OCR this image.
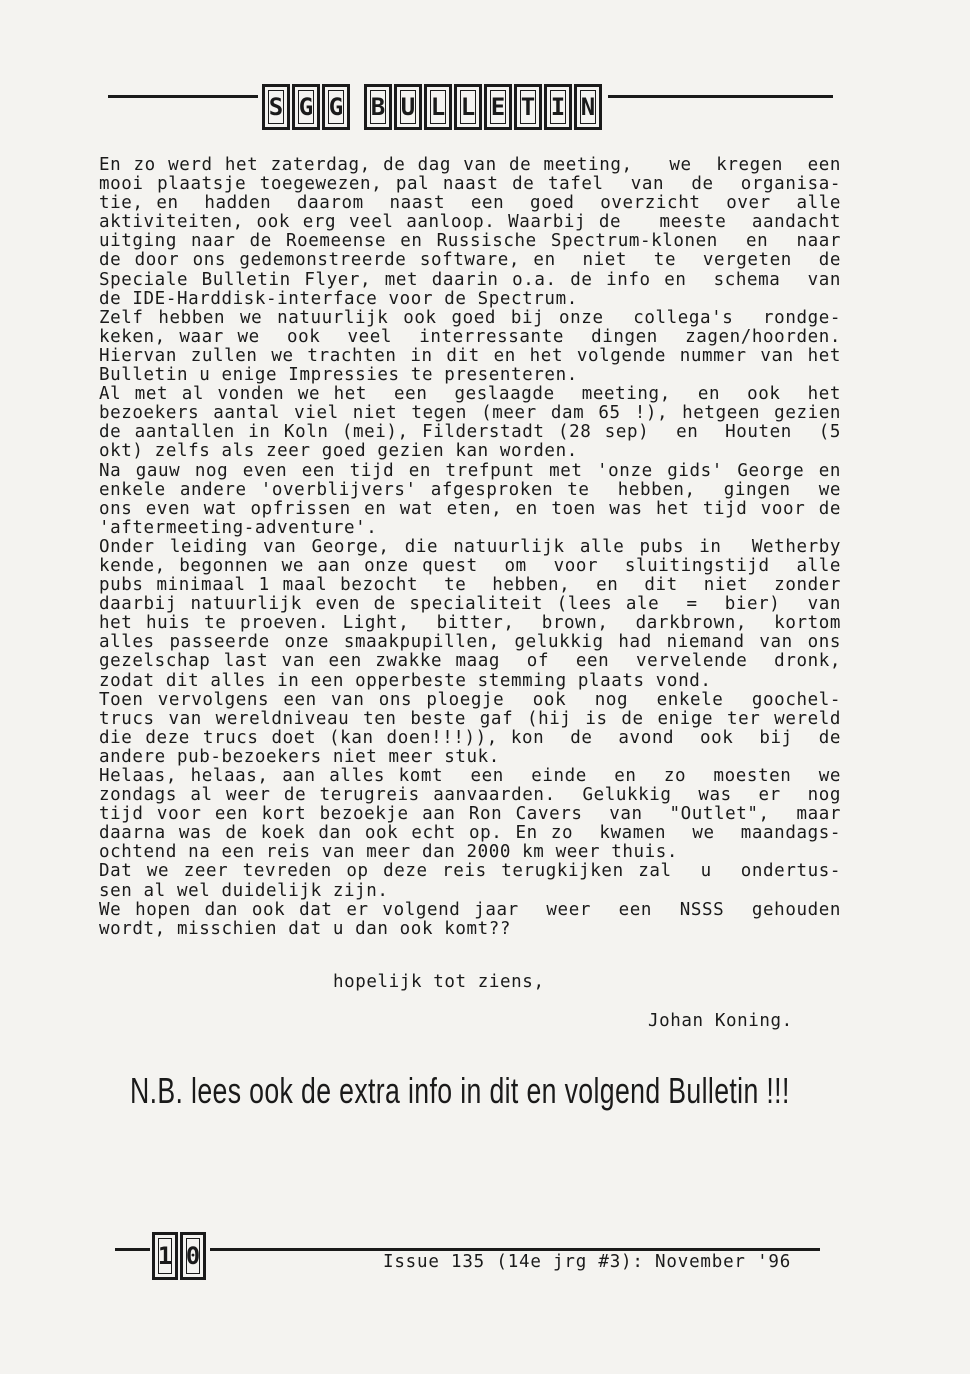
S G G B U L L E T I N
En zo werd het zaterdag, de dag van de meeting,   we  kregen  een
mooi plaatsje toegewezen, pal naast de tafel  van  de  organisa-
tie, en  hadden  daarom  naast  een  goed  overzicht  over  alle
aktiviteiten, ook erg veel aanloop. Waarbij de   meeste  aandacht
uitging naar de Roemeense en Russische Spectrum-klonen  en  naar
de door ons gedemonstreerde software, en  niet  te  vergeten  de
Speciale Bulletin Flyer, met daarin o.a. de info en  schema  van
de IDE-Harddisk-interface voor de Spectrum.
Zelf hebben we natuurlijk ook goed bij onze  collega's  rondge-
keken, waar we  ook  veel  interressante  dingen  zagen/hoorden.
Hiervan zullen we trachten in dit en het volgende nummer van het
Bulletin u enige Impressies te presenteren.
Al met al vonden we het  een  geslaagde  meeting,  en  ook  het
bezoekers aantal viel niet tegen (meer dam 65 !), hetgeen gezien
de aantallen in Koln (mei), Filderstadt (28 sep)  en  Houten  (5
okt) zelfs als zeer goed gezien kan worden.
Na gauw nog even een tijd en trefpunt met 'onze gids' George en
enkele andere 'overblijvers' afgesproken te  hebben,  gingen  we
ons even wat opfrissen en wat eten, en toen was het tijd voor de
'aftermeeting-adventure'.
Onder leiding van George, die natuurlijk alle pubs in  Wetherby
kende, begonnen we aan onze quest  om  voor  sluitingstijd  alle
pubs minimaal 1 maal bezocht  te  hebben,  en  dit  niet  zonder
daarbij natuurlijk even de specialiteit (lees ale  =  bier)  van
het huis te proeven. Light,  bitter,  brown,  darkbrown,  kortom
alles passeerde onze smaakpupillen, gelukkig had niemand van ons
gezelschap last van een zwakke maag  of  een  vervelende  dronk,
zodat dit alles in een opperbeste stemming plaats vond.
Toen vervolgens een van ons ploegje  ook  nog  enkele  goochel-
trucs van wereldniveau ten beste gaf (hij is de enige ter wereld
die deze trucs doet (kan doen!!!)), kon  de  avond  ook  bij  de
andere pub-bezoekers niet meer stuk.
Helaas, helaas, aan alles komt  een  einde  en  zo  moesten  we
zondags al weer de terugreis aanvaarden.  Gelukkig  was  er  nog
tijd voor een kort bezoekje aan Ron Cavers  van  "Outlet",  maar
daarna was de koek dan ook echt op. En zo  kwamen  we  maandags-
ochtend na een reis van meer dan 2000 km weer thuis.
Dat we zeer tevreden op deze reis terugkijken zal  u  ondertus-
sen al wel duidelijk zijn.
We hopen dan ook dat er volgend jaar  weer  een  NSSS  gehouden
wordt, misschien dat u dan ook komt??
hopelijk tot ziens,
Johan Koning.
N.B. lees ook de extra info in dit en volgend Bulletin !!!
1 0	Issue 135 (14e jrg #3): November '96
